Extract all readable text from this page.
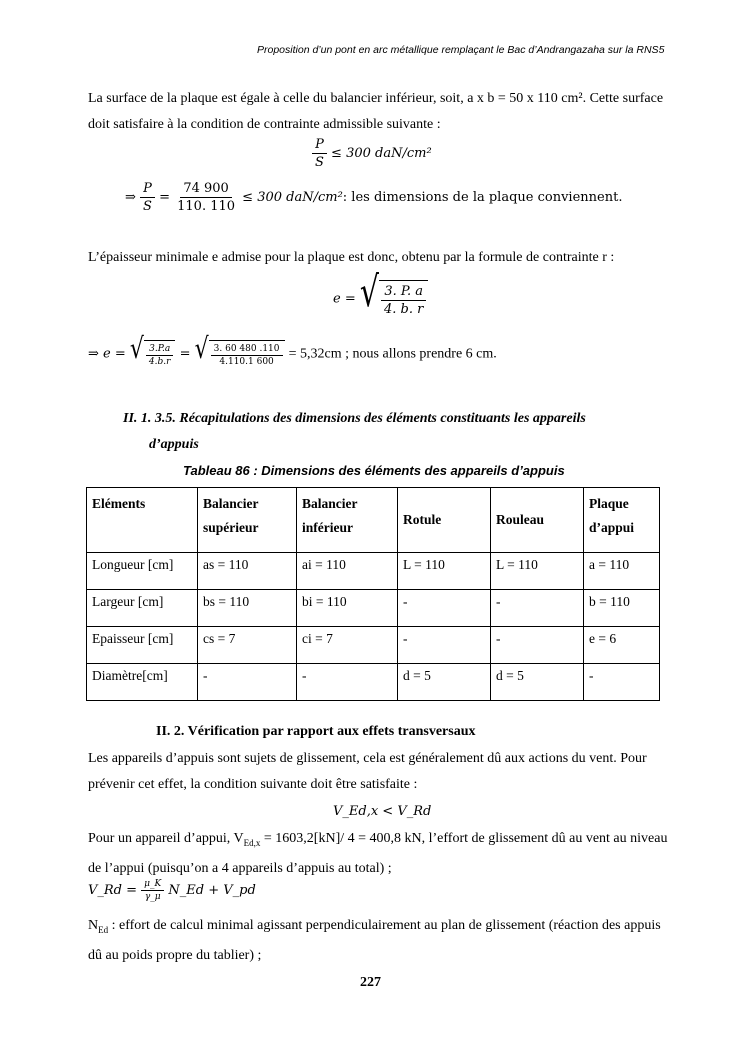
Proposition d’un pont en arc métallique remplaçant le Bac d’Andrangazaha sur la RNS5
La surface de la plaque est égale à celle du balancier inférieur, soit, a x b = 50 x 110 cm². Cette surface doit satisfaire à la condition de contrainte admissible suivante :
$\frac{P}{S} \le 300$ daN/cm²
⇒ $\frac{P}{S} = \frac{74 900}{110. 110} \le 300$ daN/cm²: les dimensions de la plaque conviennent.
L’épaisseur minimale e admise pour la plaque est donc, obtenu par la formule de contrainte r :
e = √ $\frac{3. P. a}{4. b. r}$
⇒ e = √ $\frac{3.P.a}{4.b.r}$ = √ $\frac{3. 60 480 .110}{4.110.1 600} = 5,32cm$ ; nous allons prendre 6 cm.
II. 1. 3.5. Récapitulations des dimensions des éléments constituants les appareils
d’appuis
Tableau 86 : Dimensions des éléments des appareils d’appuis
Eléments	Balancier supérieur	Balancier inférieur	Rotule	Rouleau	Plaque d’appui
Longueur [cm]	as = 110	ai = 110	L = 110	L = 110	a = 110
Largeur [cm]	bs = 110	bi = 110	-	-	b = 110
Epaisseur [cm]	cs = 7	ci = 7	-	-	e = 6
Diamètre[cm]	-	-	d = 5	d = 5	-
II. 2. Vérification par rapport aux effets transversaux
Les appareils d’appuis sont sujets de glissement, cela est généralement dû aux actions du vent. Pour prévenir cet effet, la condition suivante doit être satisfaite :
V_Ed,x < V_Rd
Pour un appareil d’appui, $V_{Ed,x} = 1603,2[kN]/$ 4 = 400,8 kN, l’effort de glissement dû au vent au niveau de l’appui (puisqu’on a 4 appareils d’appuis au total) ;
V_Rd = $\frac{\mu\_K}{\gamma\_\mu}$ N_Ed + V_pd
$N_{Ed}$ : effort de calcul minimal agissant perpendiculairement au plan de glissement (réaction des appuis dû au poids propre du tablier) ;
227
